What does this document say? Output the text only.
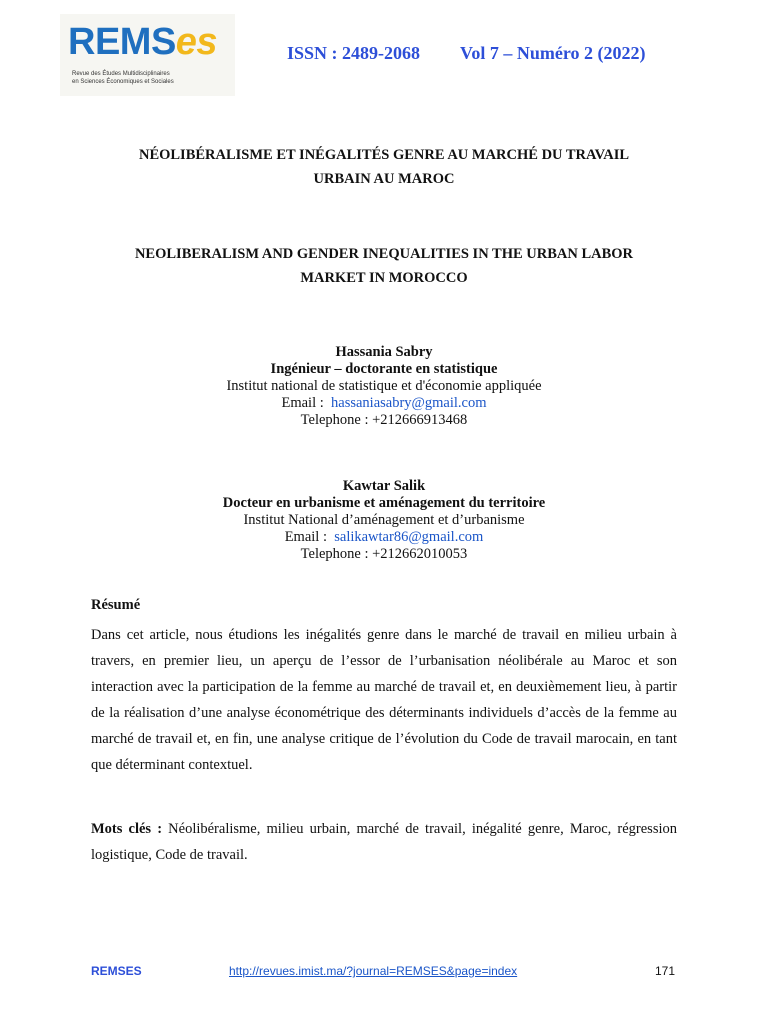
REMSes
Revue des Études Multidisciplinaires
en Sciences Économiques et Sociales
ISSN : 2489-2068 Vol 7 – Numéro 2 (2022)
NÉOLIBÉRALISME ET INÉGALITÉS GENRE AU MARCHÉ DU TRAVAIL
URBAIN AU MAROC
NEOLIBERALISM AND GENDER INEQUALITIES IN THE URBAN LABOR
MARKET IN MOROCCO
Hassania Sabry
Ingénieur – doctorante en statistique
Institut national de statistique et d'économie appliquée
Email : hassaniasabry@gmail.com
Telephone : +212666913468
Kawtar Salik
Docteur en urbanisme et aménagement du territoire
Institut National d’aménagement et d’urbanisme
Email : salikawtar86@gmail.com
Telephone : +212662010053
Résumé
Dans cet article, nous étudions les inégalités genre dans le marché de travail en milieu urbain à travers, en premier lieu, un aperçu de l’essor de l’urbanisation néolibérale au Maroc et son interaction avec la participation de la femme au marché de travail et, en deuxièmement lieu, à partir de la réalisation d’une analyse économétrique des déterminants individuels d’accès de la femme au marché de travail et, en fin, une analyse critique de l’évolution du Code de travail marocain, en tant que déterminant contextuel.
Mots clés : Néolibéralisme, milieu urbain, marché de travail, inégalité genre, Maroc, régression logistique, Code de travail.
REMSES	http://revues.imist.ma/?journal=REMSES&page=index	171
